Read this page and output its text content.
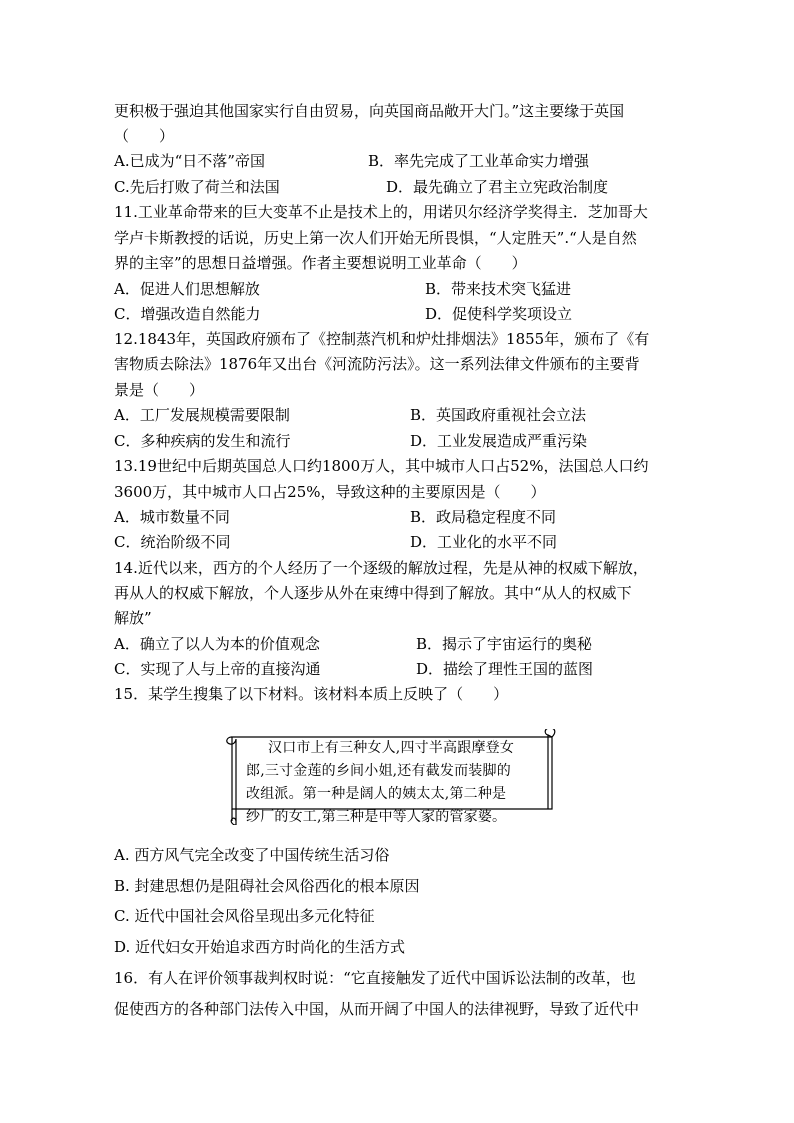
更积极于强迫其他国家实行自由贸易，向英国商品敞开大门。”这主要缘于英国
（　　）
A.已成为“日不落”帝国	B．率先完成了工业革命实力增强
C.先后打败了荷兰和法国	D．最先确立了君主立宪政治制度
11.工业革命带来的巨大变革不止是技术上的，用诺贝尔经济学奖得主．芝加哥大
学卢卡斯教授的话说，历史上第一次人们开始无所畏惧，“人定胜天”.“人是自然
界的主宰”的思想日益增强。作者主要想说明工业革命（　　）
A．促进人们思想解放	B．带来技术突飞猛进
C．增强改造自然能力	D．促使科学奖项设立
12.1843年，英国政府颁布了《控制蒸汽机和炉灶排烟法》1855年，颁布了《有
害物质去除法》1876年又出台《河流防污法》。这一系列法律文件颁布的主要背
景是（　　）
A．工厂发展规模需要限制	B．英国政府重视社会立法
C．多种疾病的发生和流行	D．工业发展造成严重污染
13.19世纪中后期英国总人口约1800万人，其中城市人口占52%，法国总人口约
3600万，其中城市人口占25%，导致这种的主要原因是（　　）
A．城市数量不同	B．政局稳定程度不同
C．统治阶级不同	D．工业化的水平不同
14.近代以来，西方的个人经历了一个逐级的解放过程，先是从神的权威下解放，
再从人的权威下解放，个人逐步从外在束缚中得到了解放。其中“从人的权威下
解放”
A．确立了以人为本的价值观念	B．揭示了宇宙运行的奥秘
C．实现了人与上帝的直接沟通	D．描绘了理性王国的蓝图
15．某学生搜集了以下材料。该材料本质上反映了（　　）
汉口市上有三种女人,四寸半高跟摩登女
郎,三寸金莲的乡间小姐,还有截发而装脚的
改组派。第一种是阔人的姨太太,第二种是
纱厂的女工,第三种是中等人家的管家婆。
A. 西方风气完全改变了中国传统生活习俗
B. 封建思想仍是阻碍社会风俗西化的根本原因
C. 近代中国社会风俗呈现出多元化特征
D. 近代妇女开始追求西方时尚化的生活方式
16．有人在评价领事裁判权时说：“它直接触发了近代中国诉讼法制的改革，也
促使西方的各种部门法传入中国，从而开阔了中国人的法律视野，导致了近代中
